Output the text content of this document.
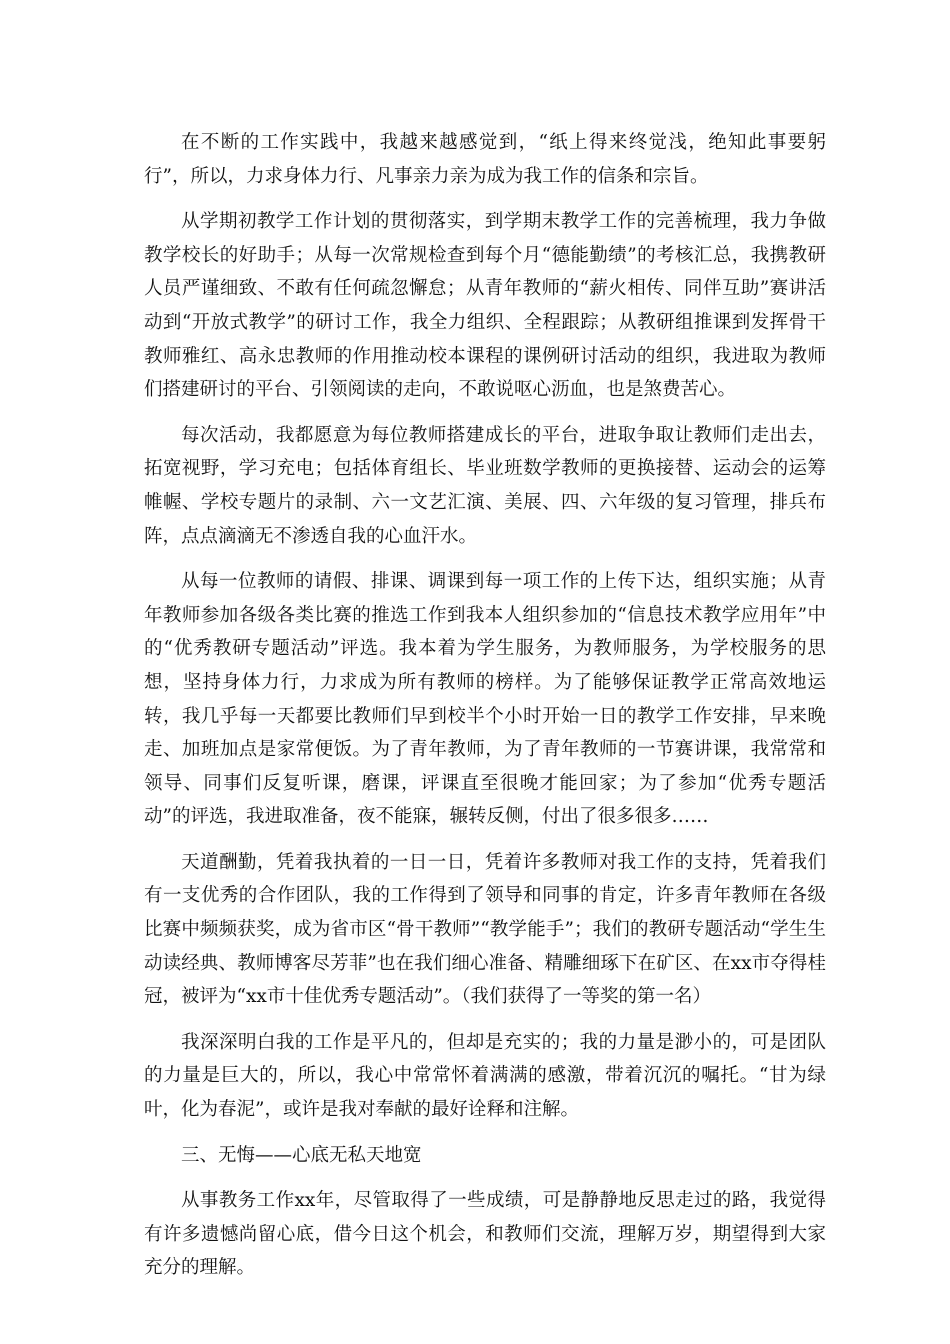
在不断的工作实践中，我越来越感觉到，“纸上得来终觉浅，绝知此事要躬行”，所以，力求身体力行、凡事亲力亲为成为我工作的信条和宗旨。

从学期初教学工作计划的贯彻落实，到学期末教学工作的完善梳理，我力争做教学校长的好助手；从每一次常规检查到每个月“德能勤绩”的考核汇总，我携教研人员严谨细致、不敢有任何疏忽懈怠；从青年教师的“薪火相传、同伴互助”赛讲活动到“开放式教学”的研讨工作，我全力组织、全程跟踪；从教研组推课到发挥骨干教师雅红、高永忠教师的作用推动校本课程的课例研讨活动的组织，我进取为教师们搭建研讨的平台、引领阅读的走向，不敢说呕心沥血，也是煞费苦心。

每次活动，我都愿意为每位教师搭建成长的平台，进取争取让教师们走出去，拓宽视野，学习充电；包括体育组长、毕业班数学教师的更换接替、运动会的运筹帷幄、学校专题片的录制、六一文艺汇演、美展、四、六年级的复习管理，排兵布阵，点点滴滴无不渗透自我的心血汗水。

从每一位教师的请假、排课、调课到每一项工作的上传下达，组织实施；从青年教师参加各级各类比赛的推选工作到我本人组织参加的“信息技术教学应用年”中的“优秀教研专题活动”评选。我本着为学生服务，为教师服务，为学校服务的思想，坚持身体力行，力求成为所有教师的榜样。为了能够保证教学正常高效地运转，我几乎每一天都要比教师们早到校半个小时开始一日的教学工作安排，早来晚走、加班加点是家常便饭。为了青年教师，为了青年教师的一节赛讲课，我常常和领导、同事们反复听课，磨课，评课直至很晚才能回家；为了参加“优秀专题活动”的评选，我进取准备，夜不能寐，辗转反侧，付出了很多很多……

天道酬勤，凭着我执着的一日一日，凭着许多教师对我工作的支持，凭着我们有一支优秀的合作团队，我的工作得到了领导和同事的肯定，许多青年教师在各级比赛中频频获奖，成为省市区“骨干教师”“教学能手”；我们的教研专题活动“学生生动读经典、教师博客尽芳菲”也在我们细心准备、精雕细琢下在矿区、在xx市夺得桂冠，被评为“xx市十佳优秀专题活动”。（我们获得了一等奖的第一名）

我深深明白我的工作是平凡的，但却是充实的；我的力量是渺小的，可是团队的力量是巨大的，所以，我心中常常怀着满满的感激，带着沉沉的嘱托。“甘为绿叶，化为春泥”，或许是我对奉献的最好诠释和注解。

三、无悔——心底无私天地宽

从事教务工作xx年，尽管取得了一些成绩，可是静静地反思走过的路，我觉得有许多遗憾尚留心底，借今日这个机会，和教师们交流，理解万岁，期望得到大家充分的理解。
